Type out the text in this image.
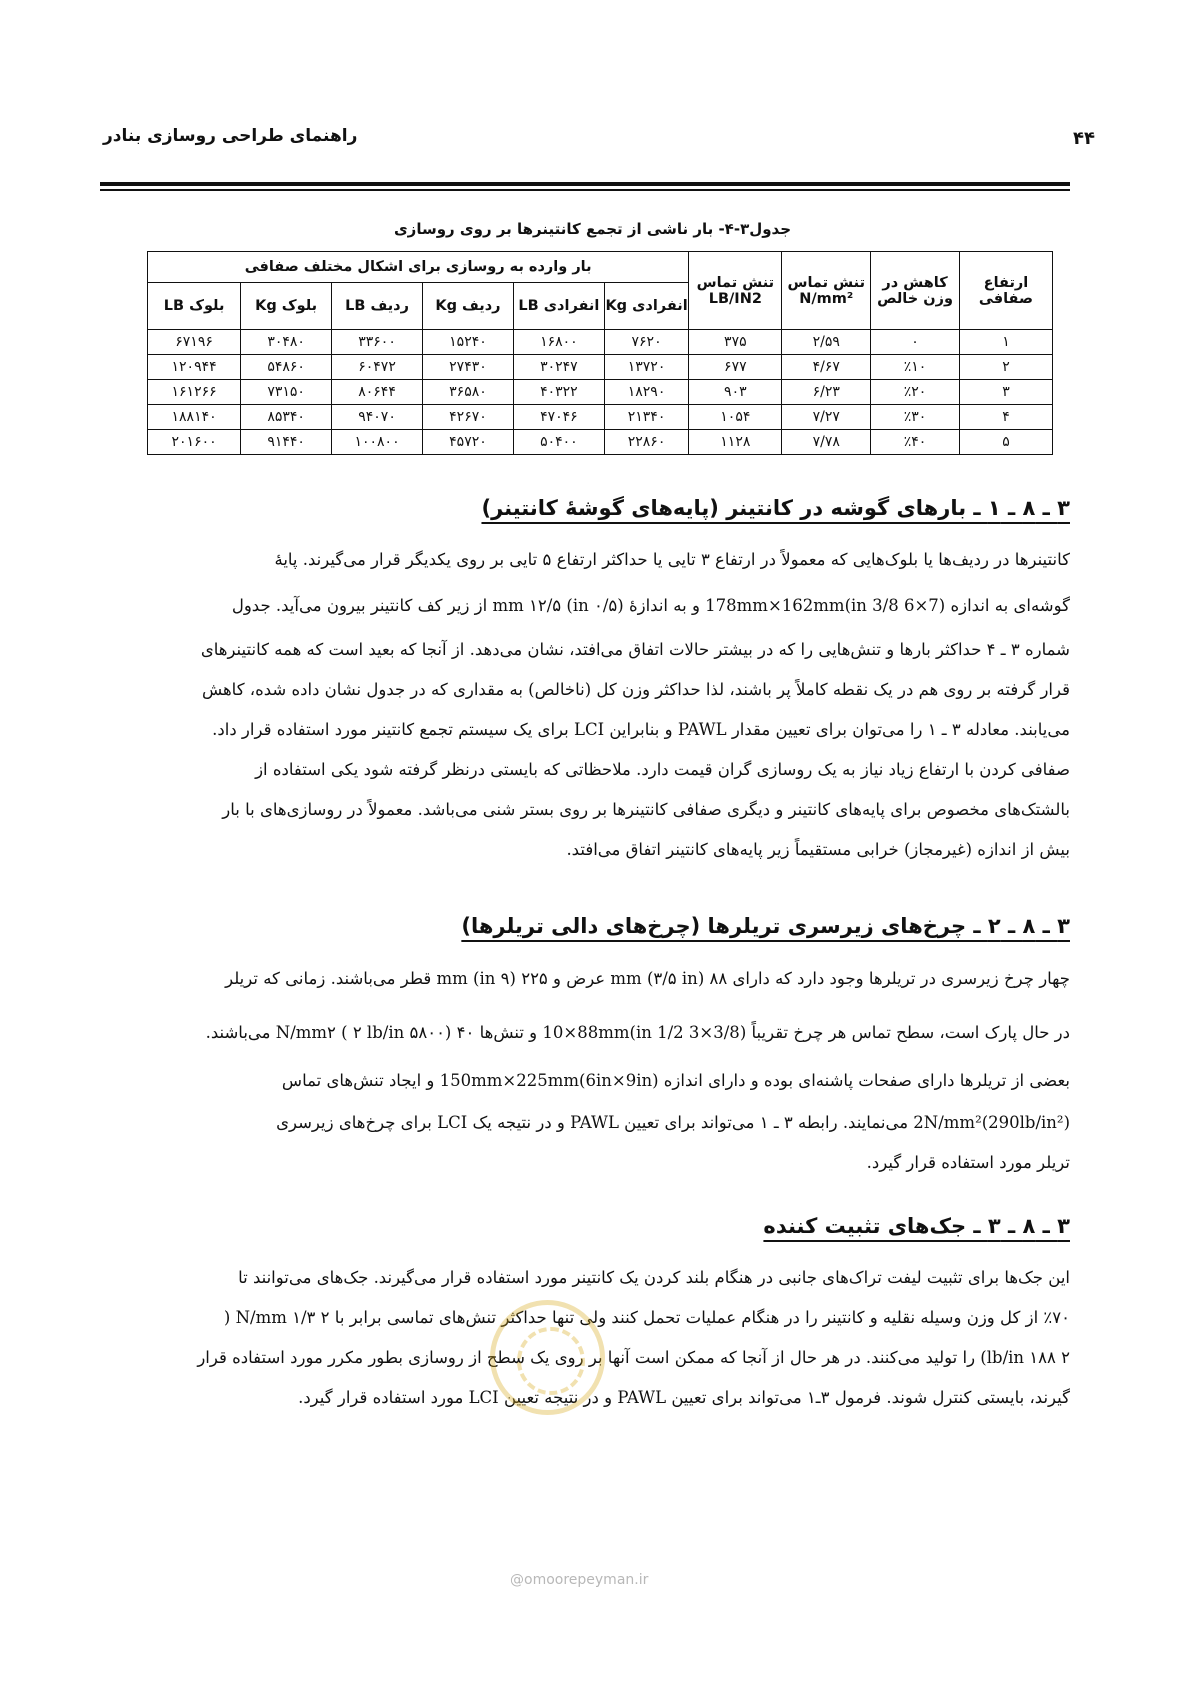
۴۴
راهنمای طراحی روسازی بنادر
جدول۳-۴- بار ناشی از تجمع کانتینرها بر روی روسازی
ارتفاع صفافی	کاهش در وزن خالص	تنش تماس N/mm²	تنش تماس LB/IN2	بار وارده به روسازی برای اشکال مختلف صفافی					
				انفرادی Kg	انفرادی LB	ردیف Kg	ردیف LB	بلوک Kg	بلوک LB
۱	۰	۲/۵۹	۳۷۵	۷۶۲۰	۱۶۸۰۰	۱۵۲۴۰	۳۳۶۰۰	۳۰۴۸۰	۶۷۱۹۶
۲	٪۱۰	۴/۶۷	۶۷۷	۱۳۷۲۰	۳۰۲۴۷	۲۷۴۳۰	۶۰۴۷۲	۵۴۸۶۰	۱۲۰۹۴۴
۳	٪۲۰	۶/۲۳	۹۰۳	۱۸۲۹۰	۴۰۳۲۲	۳۶۵۸۰	۸۰۶۴۴	۷۳۱۵۰	۱۶۱۲۶۶
۴	٪۳۰	۷/۲۷	۱۰۵۴	۲۱۳۴۰	۴۷۰۴۶	۴۲۶۷۰	۹۴۰۷۰	۸۵۳۴۰	۱۸۸۱۴۰
۵	٪۴۰	۷/۷۸	۱۱۲۸	۲۲۸۶۰	۵۰۴۰۰	۴۵۷۲۰	۱۰۰۸۰۰	۹۱۴۴۰	۲۰۱۶۰۰
۳ ـ ۸ ـ ۱ ـ بارهای گوشه در کانتینر (پایه‌های گوشهٔ کانتینر)
کانتینرها در ردیف‌ها یا بلوک‌هایی که معمولاً در ارتفاع ۳ تایی یا حداکثر ارتفاع ۵ تایی بر روی یکدیگر قرار می‌گیرند. پایهٔ
گوشه‌ای به اندازه (7×6 3/8 in)178mm×162mm و به اندازهٔ mm ۱۲/۵ (in ۰/۵) از زیر کف کانتینر بیرون می‌آید. جدول
شماره ۳ ـ ۴ حداکثر بارها و تنش‌هایی را که در بیشتر حالات اتفاق می‌افتد، نشان می‌دهد. از آنجا که بعید است که همه کانتینرهای
قرار گرفته بر روی هم در یک نقطه کاملاً پر باشند، لذا حداکثر وزن کل (ناخالص) به مقداری که در جدول نشان داده شده، کاهش
می‌یابند. معادله ۳ ـ ۱ را می‌توان برای تعیین مقدار PAWL و بنابراین LCI برای یک سیستم تجمع کانتینر مورد استفاده قرار داد.
صفافی کردن با ارتفاع زیاد نیاز به یک روسازی گران قیمت دارد. ملاحظاتی که بایستی درنظر گرفته شود یکی استفاده از
بالشتک‌های مخصوص برای پایه‌های کانتینر و دیگری صفافی کانتینرها بر روی بستر شنی می‌باشد. معمولاً در روسازی‌های با بار
بیش از اندازه (غیرمجاز) خرابی مستقیماً زیر پایه‌های کانتینر اتفاق می‌افتد.
۳ ـ ۸ ـ ۲ ـ چرخ‌های زیرسری تریلرها (چرخ‌های دالی تریلرها)
چهار چرخ زیرسری در تریلرها وجود دارد که دارای ۸۸ mm (۳/۵ in) عرض و ۲۲۵ mm (in ۹) قطر می‌باشند. زمانی که تریلر
در حال پارک است، سطح تماس هر چرخ تقریباً (3/8×3 1/2 in)10×88mm و تنش‌ها ۴۰ N/mm۲ ( ۲ lb/in ۵۸۰۰) می‌باشند.
بعضی از تریلرها دارای صفحات پاشنه‌ای بوده و دارای اندازه (6in×9in)150mm×225mm و ایجاد تنش‌های تماس
(290lb/in²)2N/mm² می‌نمایند. رابطه ۳ ـ ۱ می‌تواند برای تعیین PAWL و در نتیجه یک LCI برای چرخ‌های زیرسری
تریلر مورد استفاده قرار گیرد.
۳ ـ ۸ ـ ۳ ـ جک‌های تثبیت کننده
این جک‌ها برای تثبیت لیفت تراک‌های جانبی در هنگام بلند کردن یک کانتینر مورد استفاده قرار می‌گیرند. جک‌های می‌توانند تا
٪۷۰ از کل وزن وسیله نقلیه و کانتینر را در هنگام عملیات تحمل کنند ولی تنها حداکثر تنش‌های تماسی برابر با ۲ N/mm ۱/۳ (
۲ lb/in ۱۸۸) را تولید می‌کنند. در هر حال از آنجا که ممکن است آنها بر روی یک سطح از روسازی بطور مکرر مورد استفاده قرار
گیرند، بایستی کنترل شوند. فرمول ۳ـ۱ می‌تواند برای تعیین PAWL و در نتیجه تعیین LCI مورد استفاده قرار گیرد.
@omoorepeyman.ir
